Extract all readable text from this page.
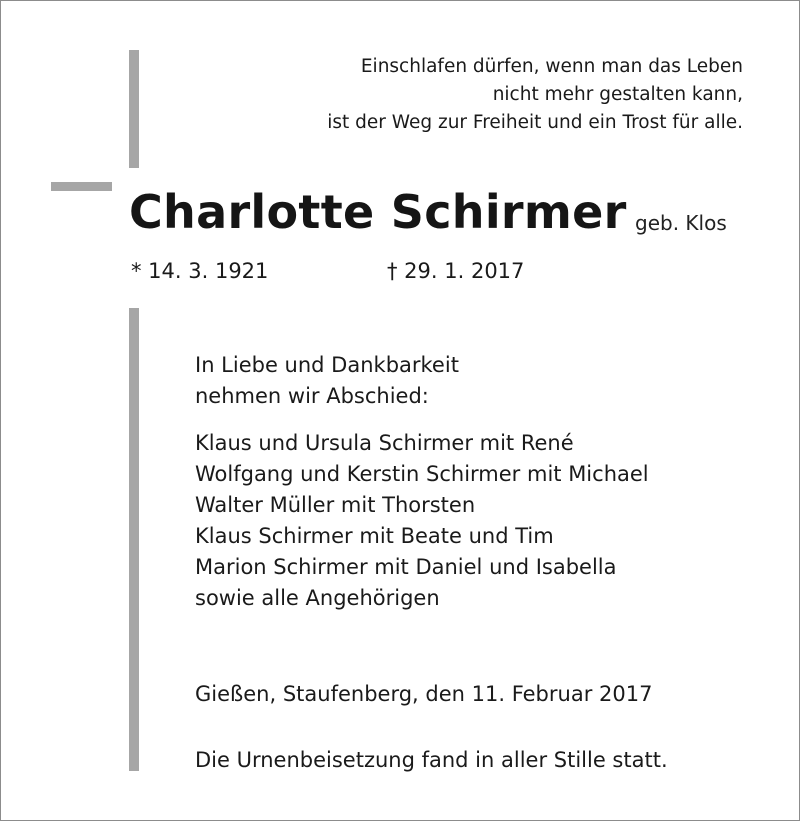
Einschlafen dürfen, wenn man das Leben
nicht mehr gestalten kann,
ist der Weg zur Freiheit und ein Trost für alle.
Charlotte Schirmer geb. Klos
* 14. 3. 1921	† 29. 1. 2017
In Liebe und Dankbarkeit
nehmen wir Abschied:
Klaus und Ursula Schirmer mit René
Wolfgang und Kerstin Schirmer mit Michael
Walter Müller mit Thorsten
Klaus Schirmer mit Beate und Tim
Marion Schirmer mit Daniel und Isabella
sowie alle Angehörigen
Gießen, Staufenberg, den 11. Februar 2017
Die Urnenbeisetzung fand in aller Stille statt.
